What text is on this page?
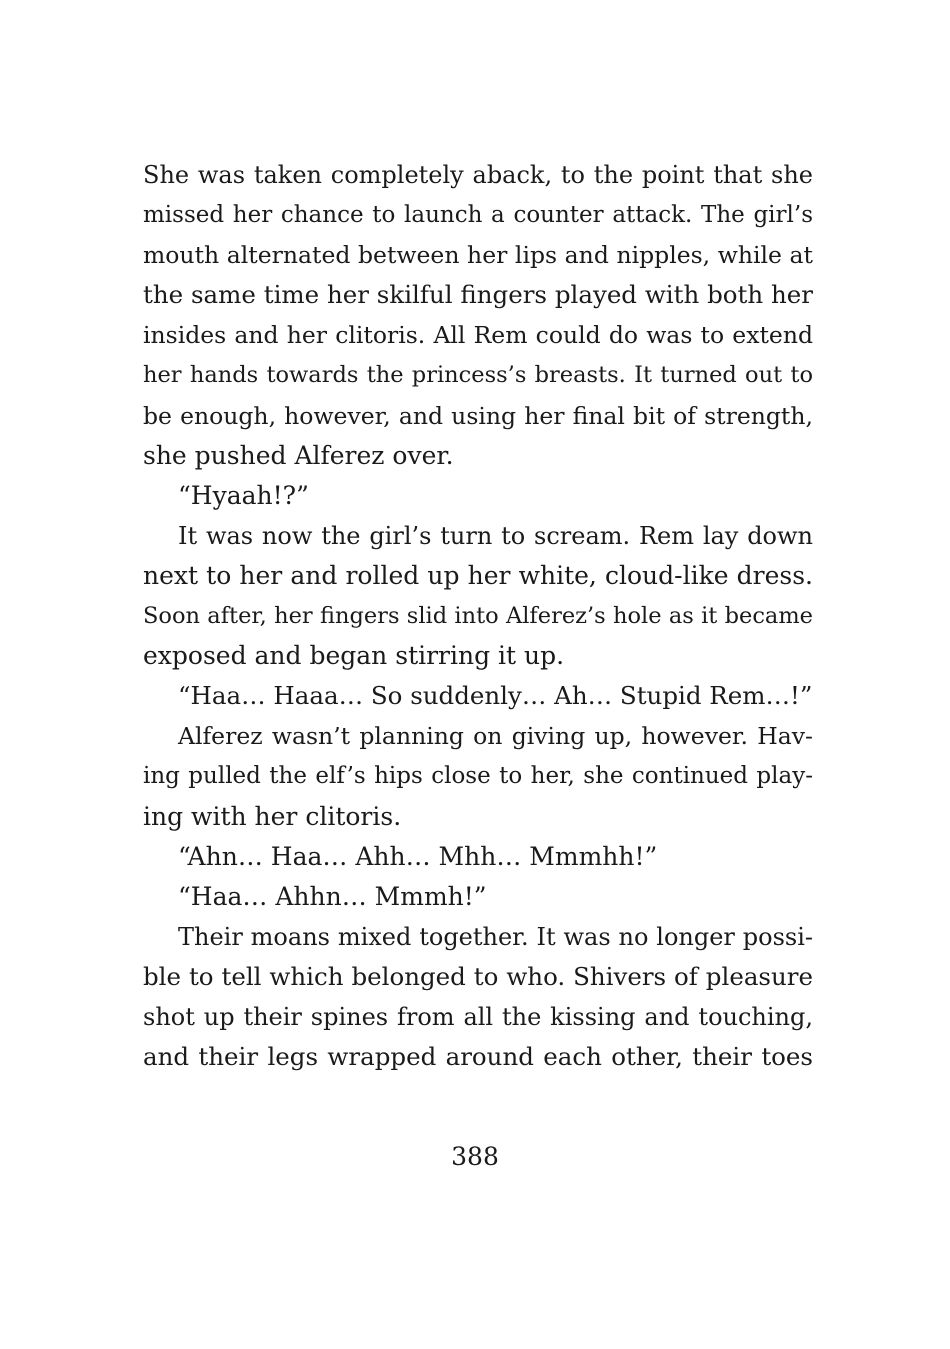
She was taken completely aback, to the point that she
missed her chance to launch a counter attack. The girl’s
mouth alternated between her lips and nipples, while at
the same time her skilful fingers played with both her
insides and her clitoris. All Rem could do was to extend
her hands towards the princess’s breasts. It turned out to
be enough, however, and using her final bit of strength,
she pushed Alferez over.
“Hyaah!?”
It was now the girl’s turn to scream. Rem lay down
next to her and rolled up her white, cloud-like dress.
Soon after, her fingers slid into Alferez’s hole as it became
exposed and began stirring it up.
“Haa… Haaa… So suddenly… Ah… Stupid Rem…!”
Alferez wasn’t planning on giving up, however. Hav-
ing pulled the elf’s hips close to her, she continued play-
ing with her clitoris.
“Ahn… Haa… Ahh… Mhh… Mmmhh!”
“Haa… Ahhn… Mmmh!”
Their moans mixed together. It was no longer possi-
ble to tell which belonged to who. Shivers of pleasure
shot up their spines from all the kissing and touching,
and their legs wrapped around each other, their toes
388
